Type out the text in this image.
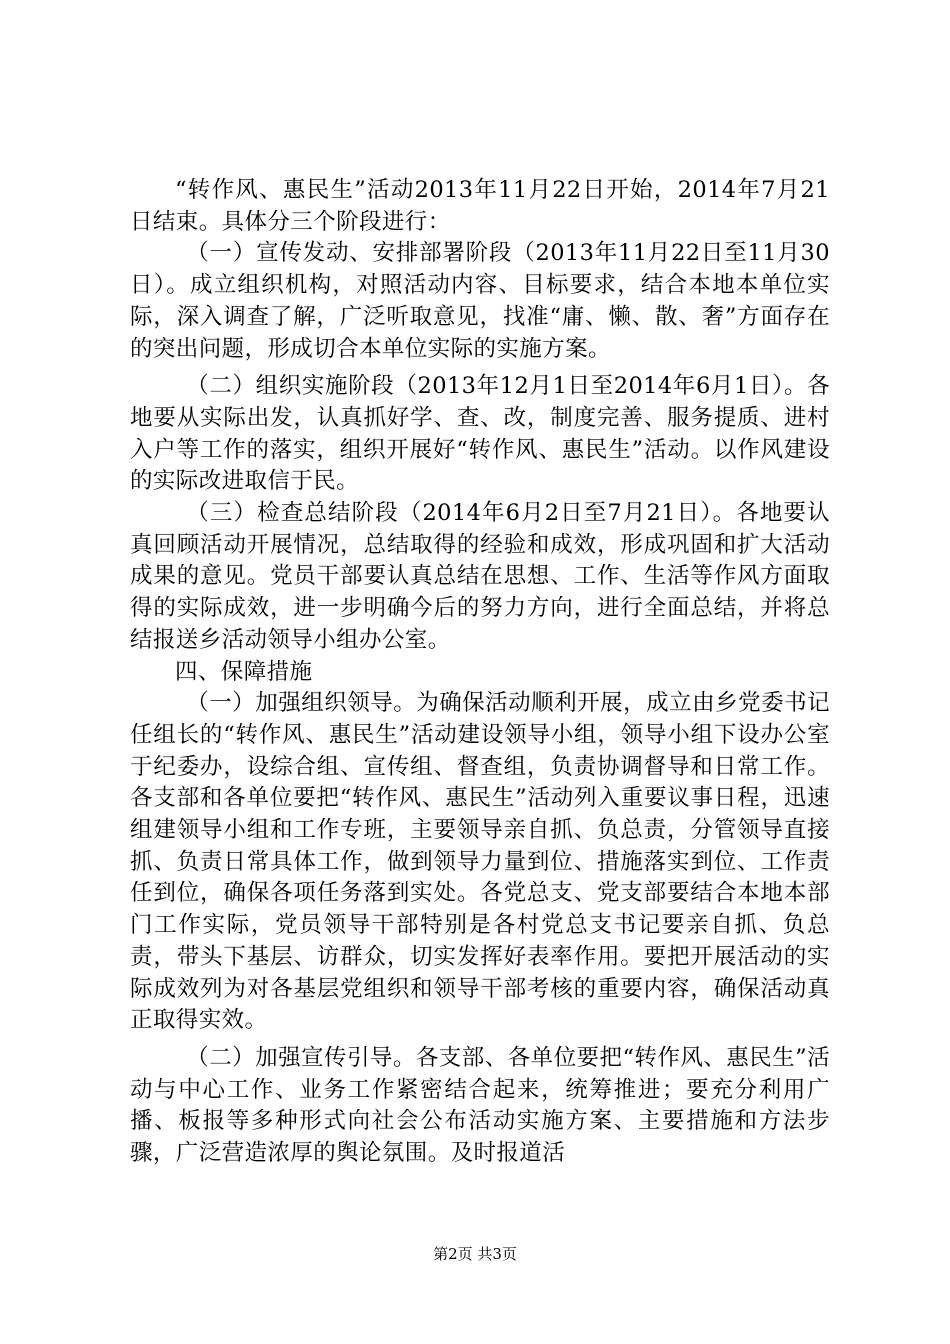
“转作风、惠民生”活动2013年11月22日开始，2014年7月21日结束。具体分三个阶段进行：

（一）宣传发动、安排部署阶段（2013年11月22日至11月30日）。成立组织机构，对照活动内容、目标要求，结合本地本单位实际，深入调查了解，广泛听取意见，找准“庸、懒、散、奢”方面存在的突出问题，形成切合本单位实际的实施方案。

（二）组织实施阶段（2013年12月1日至2014年6月1日）。各地要从实际出发，认真抓好学、查、改，制度完善、服务提质、进村入户等工作的落实，组织开展好“转作风、惠民生”活动。以作风建设的实际改进取信于民。

（三）检查总结阶段（2014年6月2日至7月21日）。各地要认真回顾活动开展情况，总结取得的经验和成效，形成巩固和扩大活动成果的意见。党员干部要认真总结在思想、工作、生活等作风方面取得的实际成效，进一步明确今后的努力方向，进行全面总结，并将总结报送乡活动领导小组办公室。

四、保障措施

（一）加强组织领导。为确保活动顺利开展，成立由乡党委书记任组长的“转作风、惠民生”活动建设领导小组，领导小组下设办公室于纪委办，设综合组、宣传组、督查组，负责协调督导和日常工作。各支部和各单位要把“转作风、惠民生”活动列入重要议事日程，迅速组建领导小组和工作专班，主要领导亲自抓、负总责，分管领导直接抓、负责日常具体工作，做到领导力量到位、措施落实到位、工作责任到位，确保各项任务落到实处。各党总支、党支部要结合本地本部门工作实际，党员领导干部特别是各村党总支书记要亲自抓、负总责，带头下基层、访群众，切实发挥好表率作用。要把开展活动的实际成效列为对各基层党组织和领导干部考核的重要内容，确保活动真正取得实效。

（二）加强宣传引导。各支部、各单位要把“转作风、惠民生”活动与中心工作、业务工作紧密结合起来，统筹推进；要充分利用广播、板报等多种形式向社会公布活动实施方案、主要措施和方法步骤，广泛营造浓厚的舆论氛围。及时报道活

第2页 共3页
